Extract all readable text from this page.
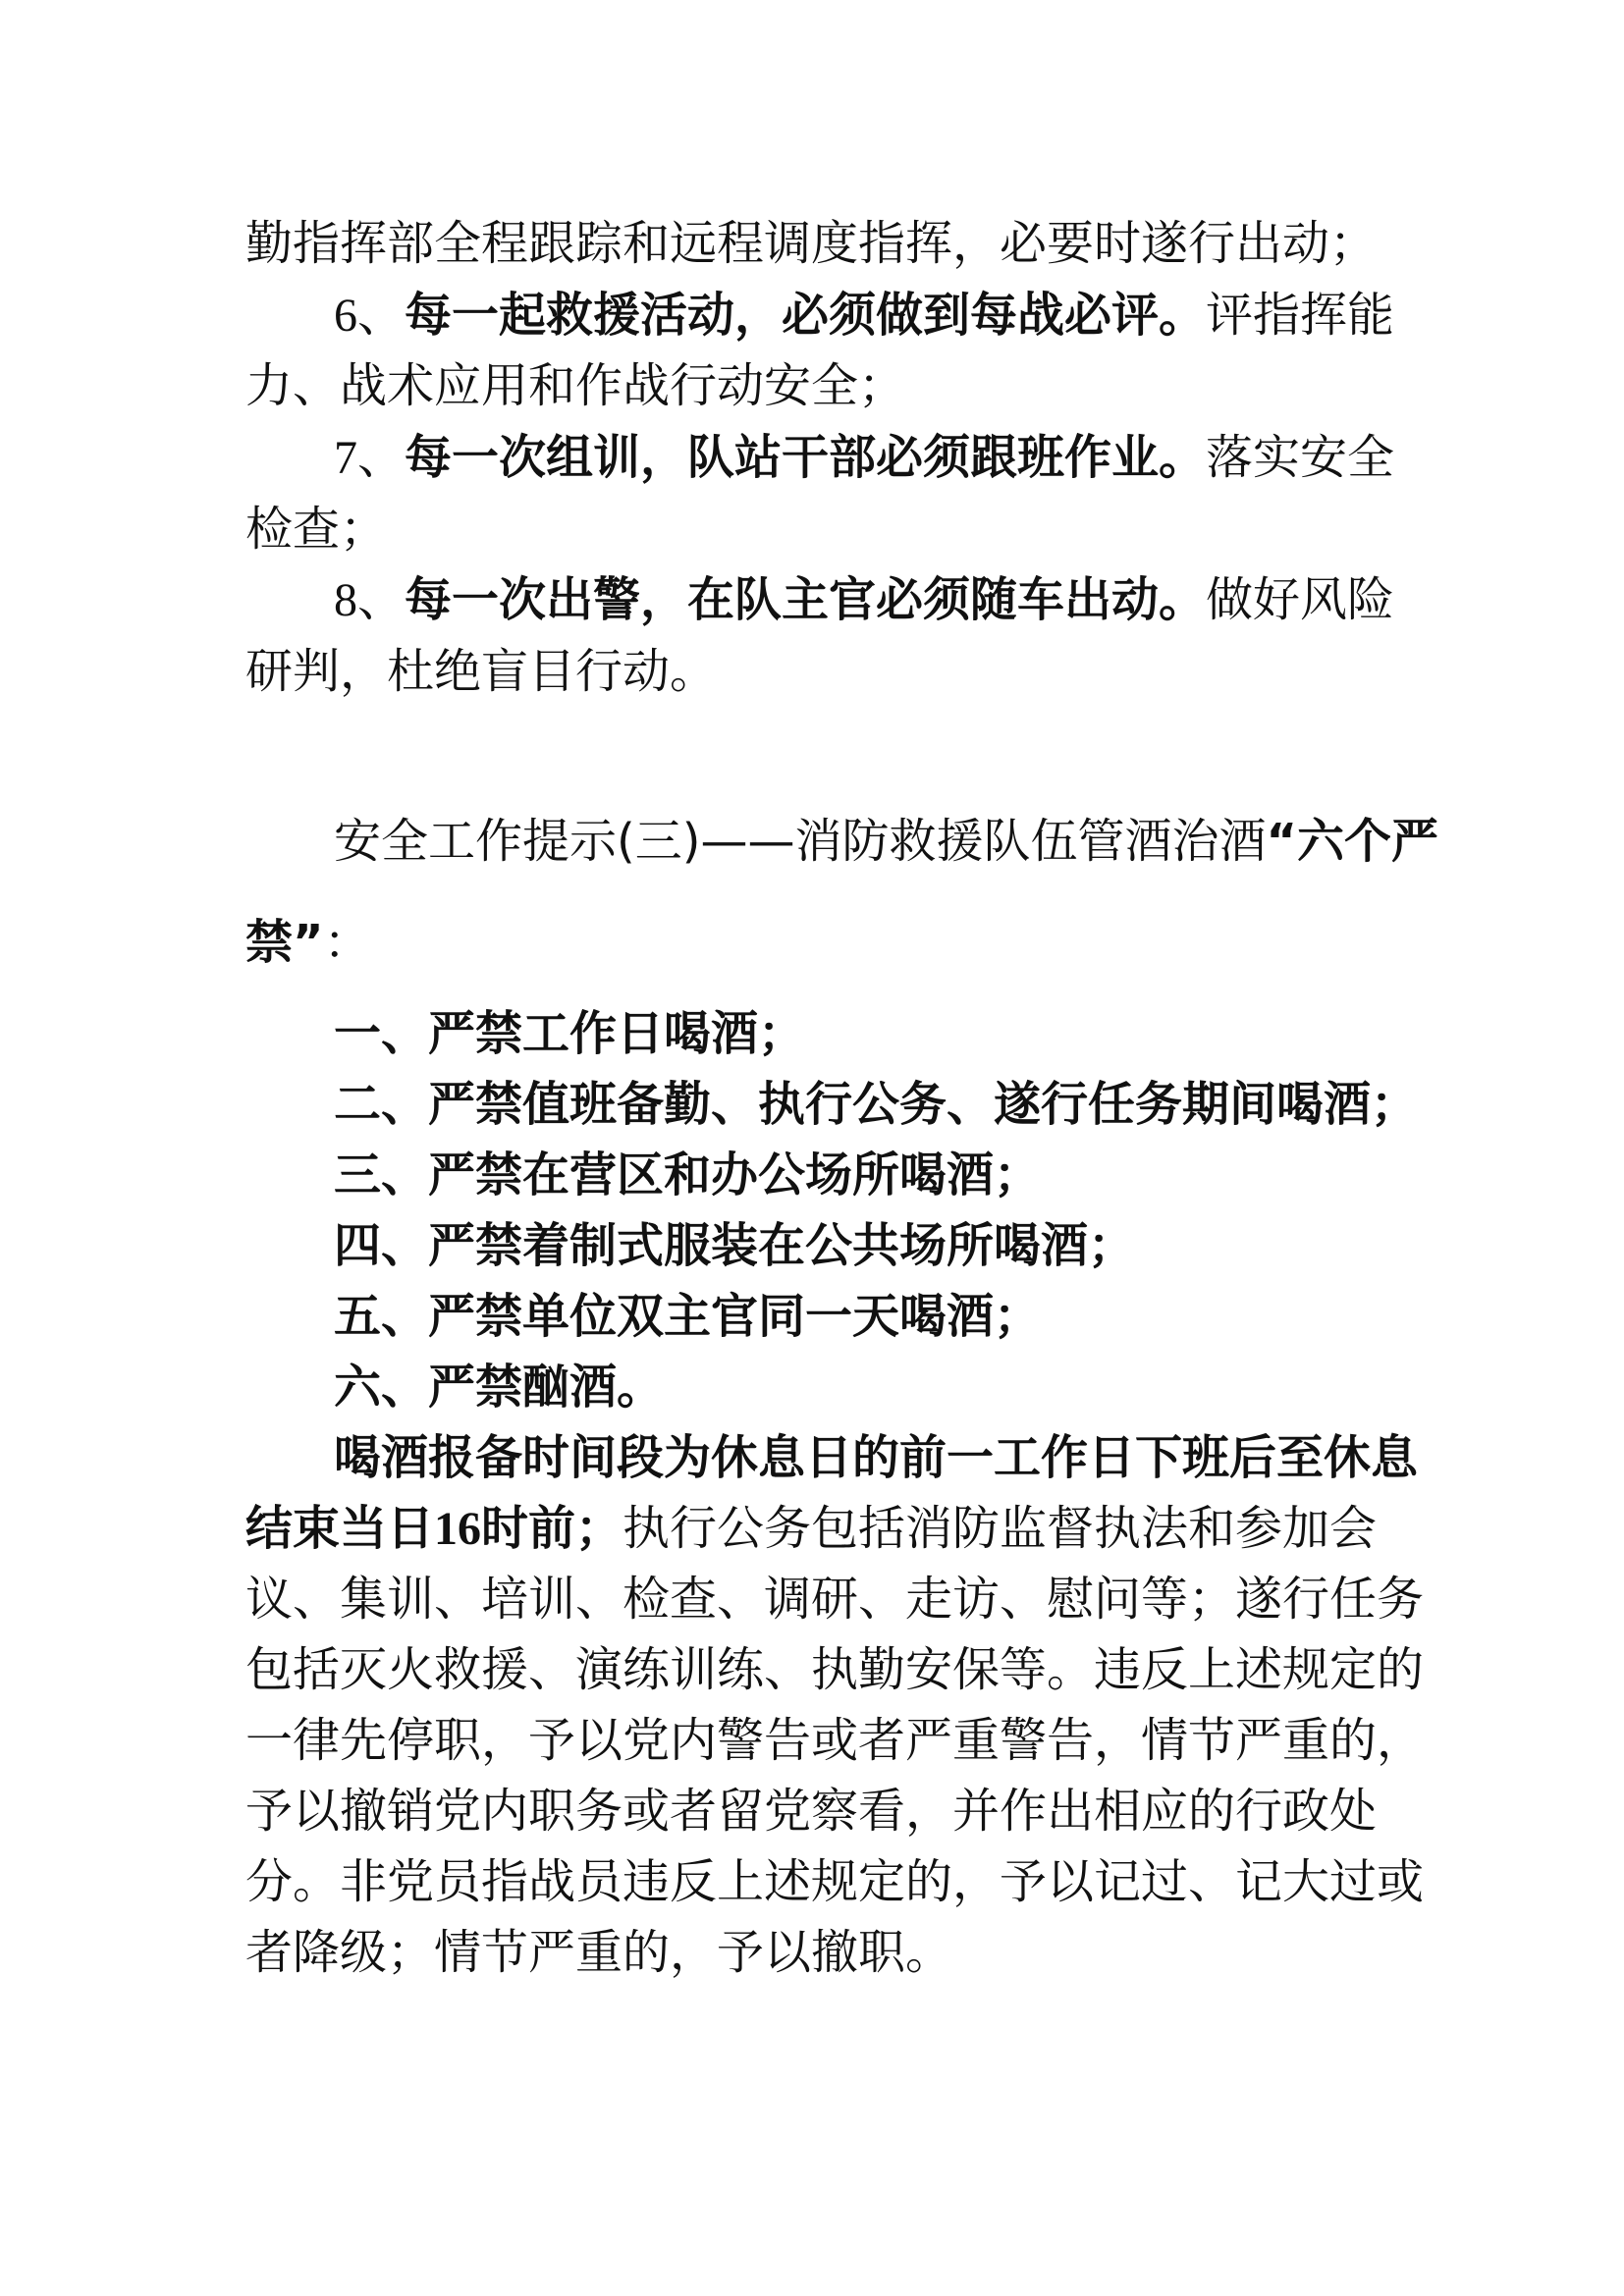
勤指挥部全程跟踪和远程调度指挥，必要时遂行出动；
6、每一起救援活动，必须做到每战必评。评指挥能
力、战术应用和作战行动安全；
7、每一次组训，队站干部必须跟班作业。落实安全
检查；
8、每一次出警，在队主官必须随车出动。做好风险
研判，杜绝盲目行动。
安全工作提示(三)——消防救援队伍管酒治酒“六个严
禁”：
一、严禁工作日喝酒；
二、严禁值班备勤、执行公务、遂行任务期间喝酒；
三、严禁在营区和办公场所喝酒；
四、严禁着制式服装在公共场所喝酒；
五、严禁单位双主官同一天喝酒；
六、严禁酗酒。
喝酒报备时间段为休息日的前一工作日下班后至休息
结束当日16时前；执行公务包括消防监督执法和参加会
议、集训、培训、检查、调研、走访、慰问等；遂行任务
包括灭火救援、演练训练、执勤安保等。违反上述规定的
一律先停职，予以党内警告或者严重警告，情节严重的，
予以撤销党内职务或者留党察看，并作出相应的行政处
分。非党员指战员违反上述规定的，予以记过、记大过或
者降级；情节严重的，予以撤职。
